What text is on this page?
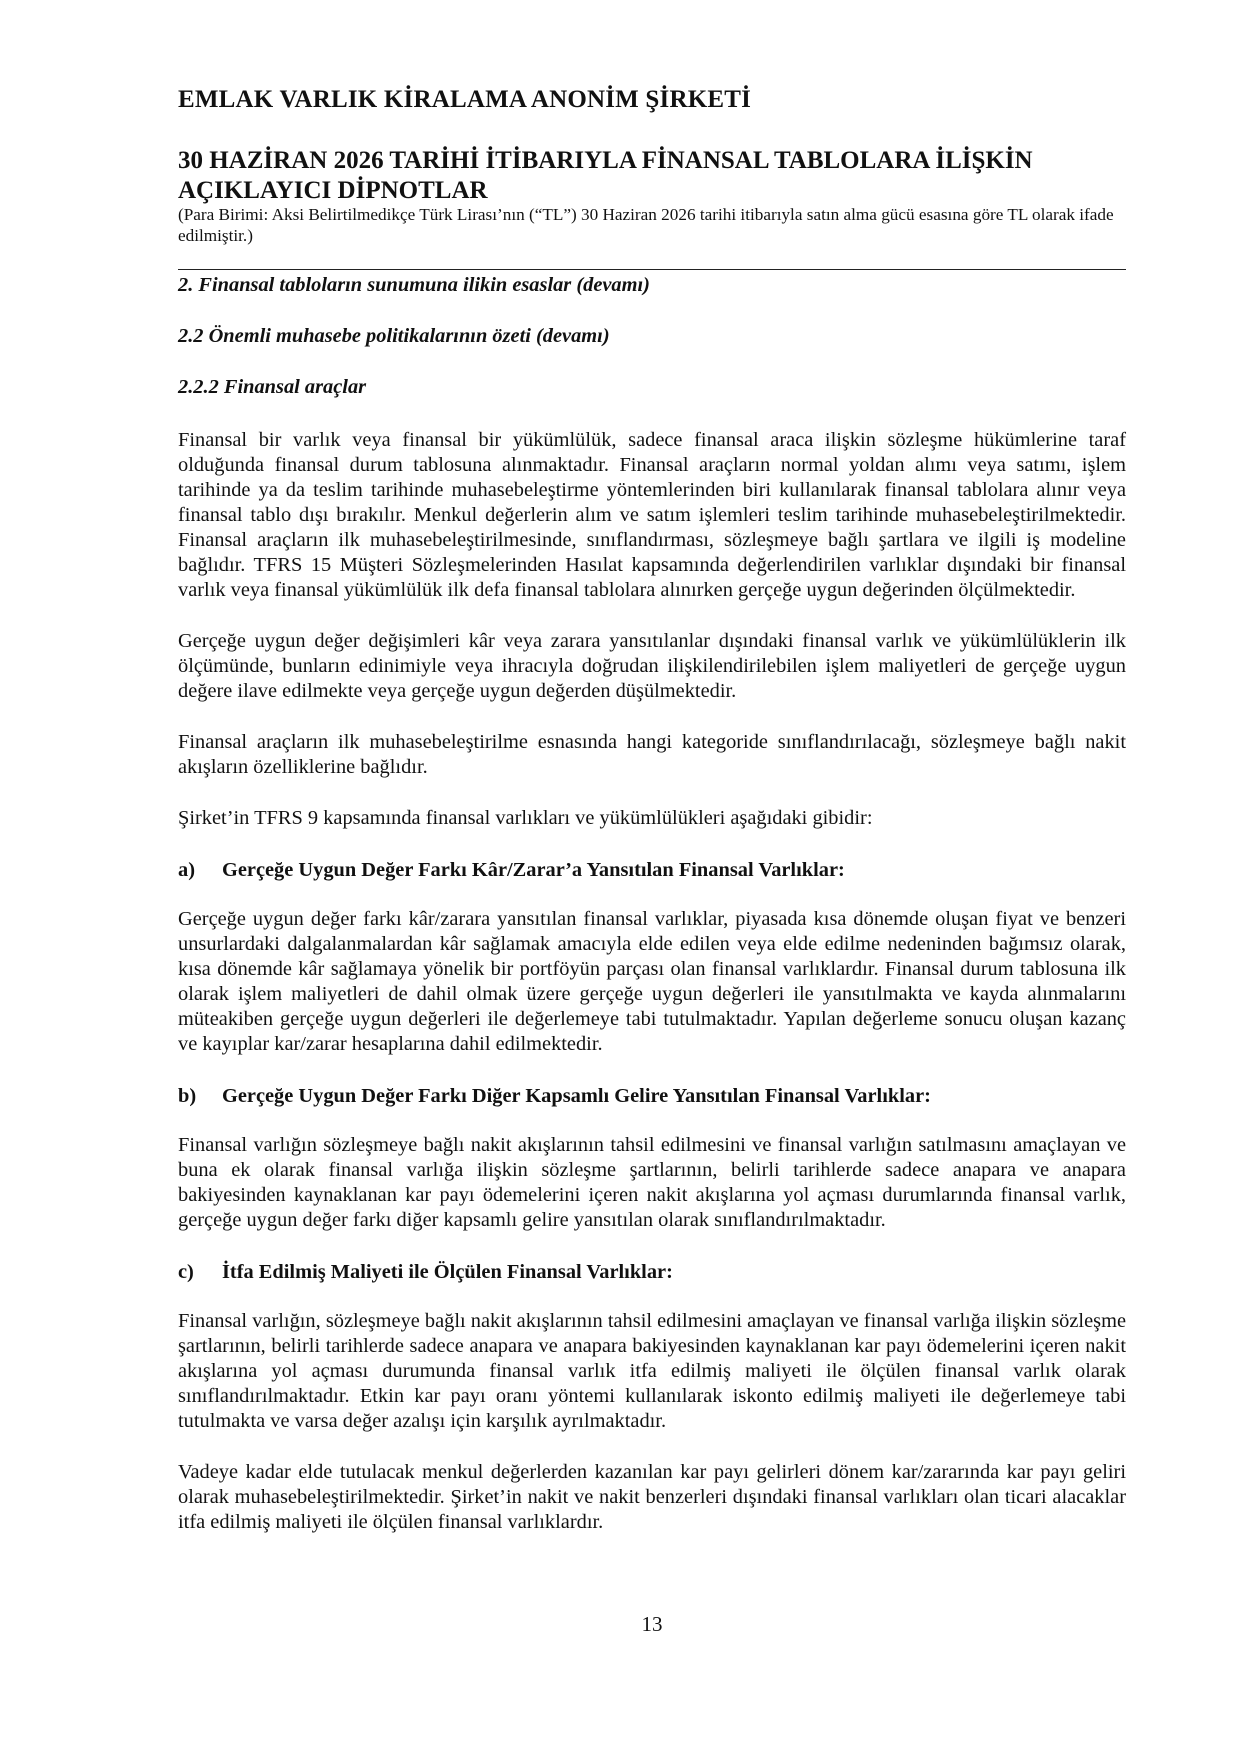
EMLAK VARLIK KİRALAMA ANONİM ŞİRKETİ
30 HAZİRAN 2026 TARİHİ İTİBARIYLA FİNANSAL TABLOLARA İLİŞKİN AÇIKLAYICI DİPNOTLAR

(Para Birimi: Aksi Belirtilmedikçe Türk Lirası’nın (“TL”) 30 Haziran 2026 tarihi itibarıyla satın alma gücü esasına göre TL olarak ifade edilmiştir.)

2. Finansal tabloların sunumuna ilikin esaslar (devamı)
2.2 Önemli muhasebe politikalarının özeti (devamı)
2.2.2 Finansal araçlar

Finansal bir varlık veya finansal bir yükümlülük, sadece finansal araca ilişkin sözleşme hükümlerine taraf olduğunda finansal durum tablosuna alınmaktadır. Finansal araçların normal yoldan alımı veya satımı, işlem tarihinde ya da teslim tarihinde muhasebeleştirme yöntemlerinden biri kullanılarak finansal tablolara alınır veya finansal tablo dışı bırakılır. Menkul değerlerin alım ve satım işlemleri teslim tarihinde muhasebeleştirilmektedir. Finansal araçların ilk muhasebeleştirilmesinde, sınıflandırması, sözleşmeye bağlı şartlara ve ilgili iş modeline bağlıdır. TFRS 15 Müşteri Sözleşmelerinden Hasılat kapsamında değerlendirilen varlıklar dışındaki bir finansal varlık veya finansal yükümlülük ilk defa finansal tablolara alınırken gerçeğe uygun değerinden ölçülmektedir.

Gerçeğe uygun değer değişimleri kâr veya zarara yansıtılanlar dışındaki finansal varlık ve yükümlülüklerin ilk ölçümünde, bunların edinimiyle veya ihracıyla doğrudan ilişkilendirilebilen işlem maliyetleri de gerçeğe uygun değere ilave edilmekte veya gerçeğe uygun değerden düşülmektedir.

Finansal araçların ilk muhasebeleştirilme esnasında hangi kategoride sınıflandırılacağı, sözleşmeye bağlı nakit akışların özelliklerine bağlıdır.

Şirket’in TFRS 9 kapsamında finansal varlıkları ve yükümlülükleri aşağıdaki gibidir:

a)	Gerçeğe Uygun Değer Farkı Kâr/Zarar’a Yansıtılan Finansal Varlıklar:

Gerçeğe uygun değer farkı kâr/zarara yansıtılan finansal varlıklar, piyasada kısa dönemde oluşan fiyat ve benzeri unsurlardaki dalgalanmalardan kâr sağlamak amacıyla elde edilen veya elde edilme nedeninden bağımsız olarak, kısa dönemde kâr sağlamaya yönelik bir portföyün parçası olan finansal varlıklardır. Finansal durum tablosuna ilk olarak işlem maliyetleri de dahil olmak üzere gerçeğe uygun değerleri ile yansıtılmakta ve kayda alınmalarını müteakiben gerçeğe uygun değerleri ile değerlemeye tabi tutulmaktadır. Yapılan değerleme sonucu oluşan kazanç ve kayıplar kar/zarar hesaplarına dahil edilmektedir.

b)	Gerçeğe Uygun Değer Farkı Diğer Kapsamlı Gelire Yansıtılan Finansal Varlıklar:

Finansal varlığın sözleşmeye bağlı nakit akışlarının tahsil edilmesini ve finansal varlığın satılmasını amaçlayan ve buna ek olarak finansal varlığa ilişkin sözleşme şartlarının, belirli tarihlerde sadece anapara ve anapara bakiyesinden kaynaklanan kar payı ödemelerini içeren nakit akışlarına yol açması durumlarında finansal varlık, gerçeğe uygun değer farkı diğer kapsamlı gelire yansıtılan olarak sınıflandırılmaktadır.

c)	İtfa Edilmiş Maliyeti ile Ölçülen Finansal Varlıklar:

Finansal varlığın, sözleşmeye bağlı nakit akışlarının tahsil edilmesini amaçlayan ve finansal varlığa ilişkin sözleşme şartlarının, belirli tarihlerde sadece anapara ve anapara bakiyesinden kaynaklanan kar payı ödemelerini içeren nakit akışlarına yol açması durumunda finansal varlık itfa edilmiş maliyeti ile ölçülen finansal varlık olarak sınıflandırılmaktadır. Etkin kar payı oranı yöntemi kullanılarak iskonto edilmiş maliyeti ile değerlemeye tabi tutulmakta ve varsa değer azalışı için karşılık ayrılmaktadır.

Vadeye kadar elde tutulacak menkul değerlerden kazanılan kar payı gelirleri dönem kar/zararında kar payı geliri olarak muhasebeleştirilmektedir. Şirket’in nakit ve nakit benzerleri dışındaki finansal varlıkları olan ticari alacaklar itfa edilmiş maliyeti ile ölçülen finansal varlıklardır.

13
